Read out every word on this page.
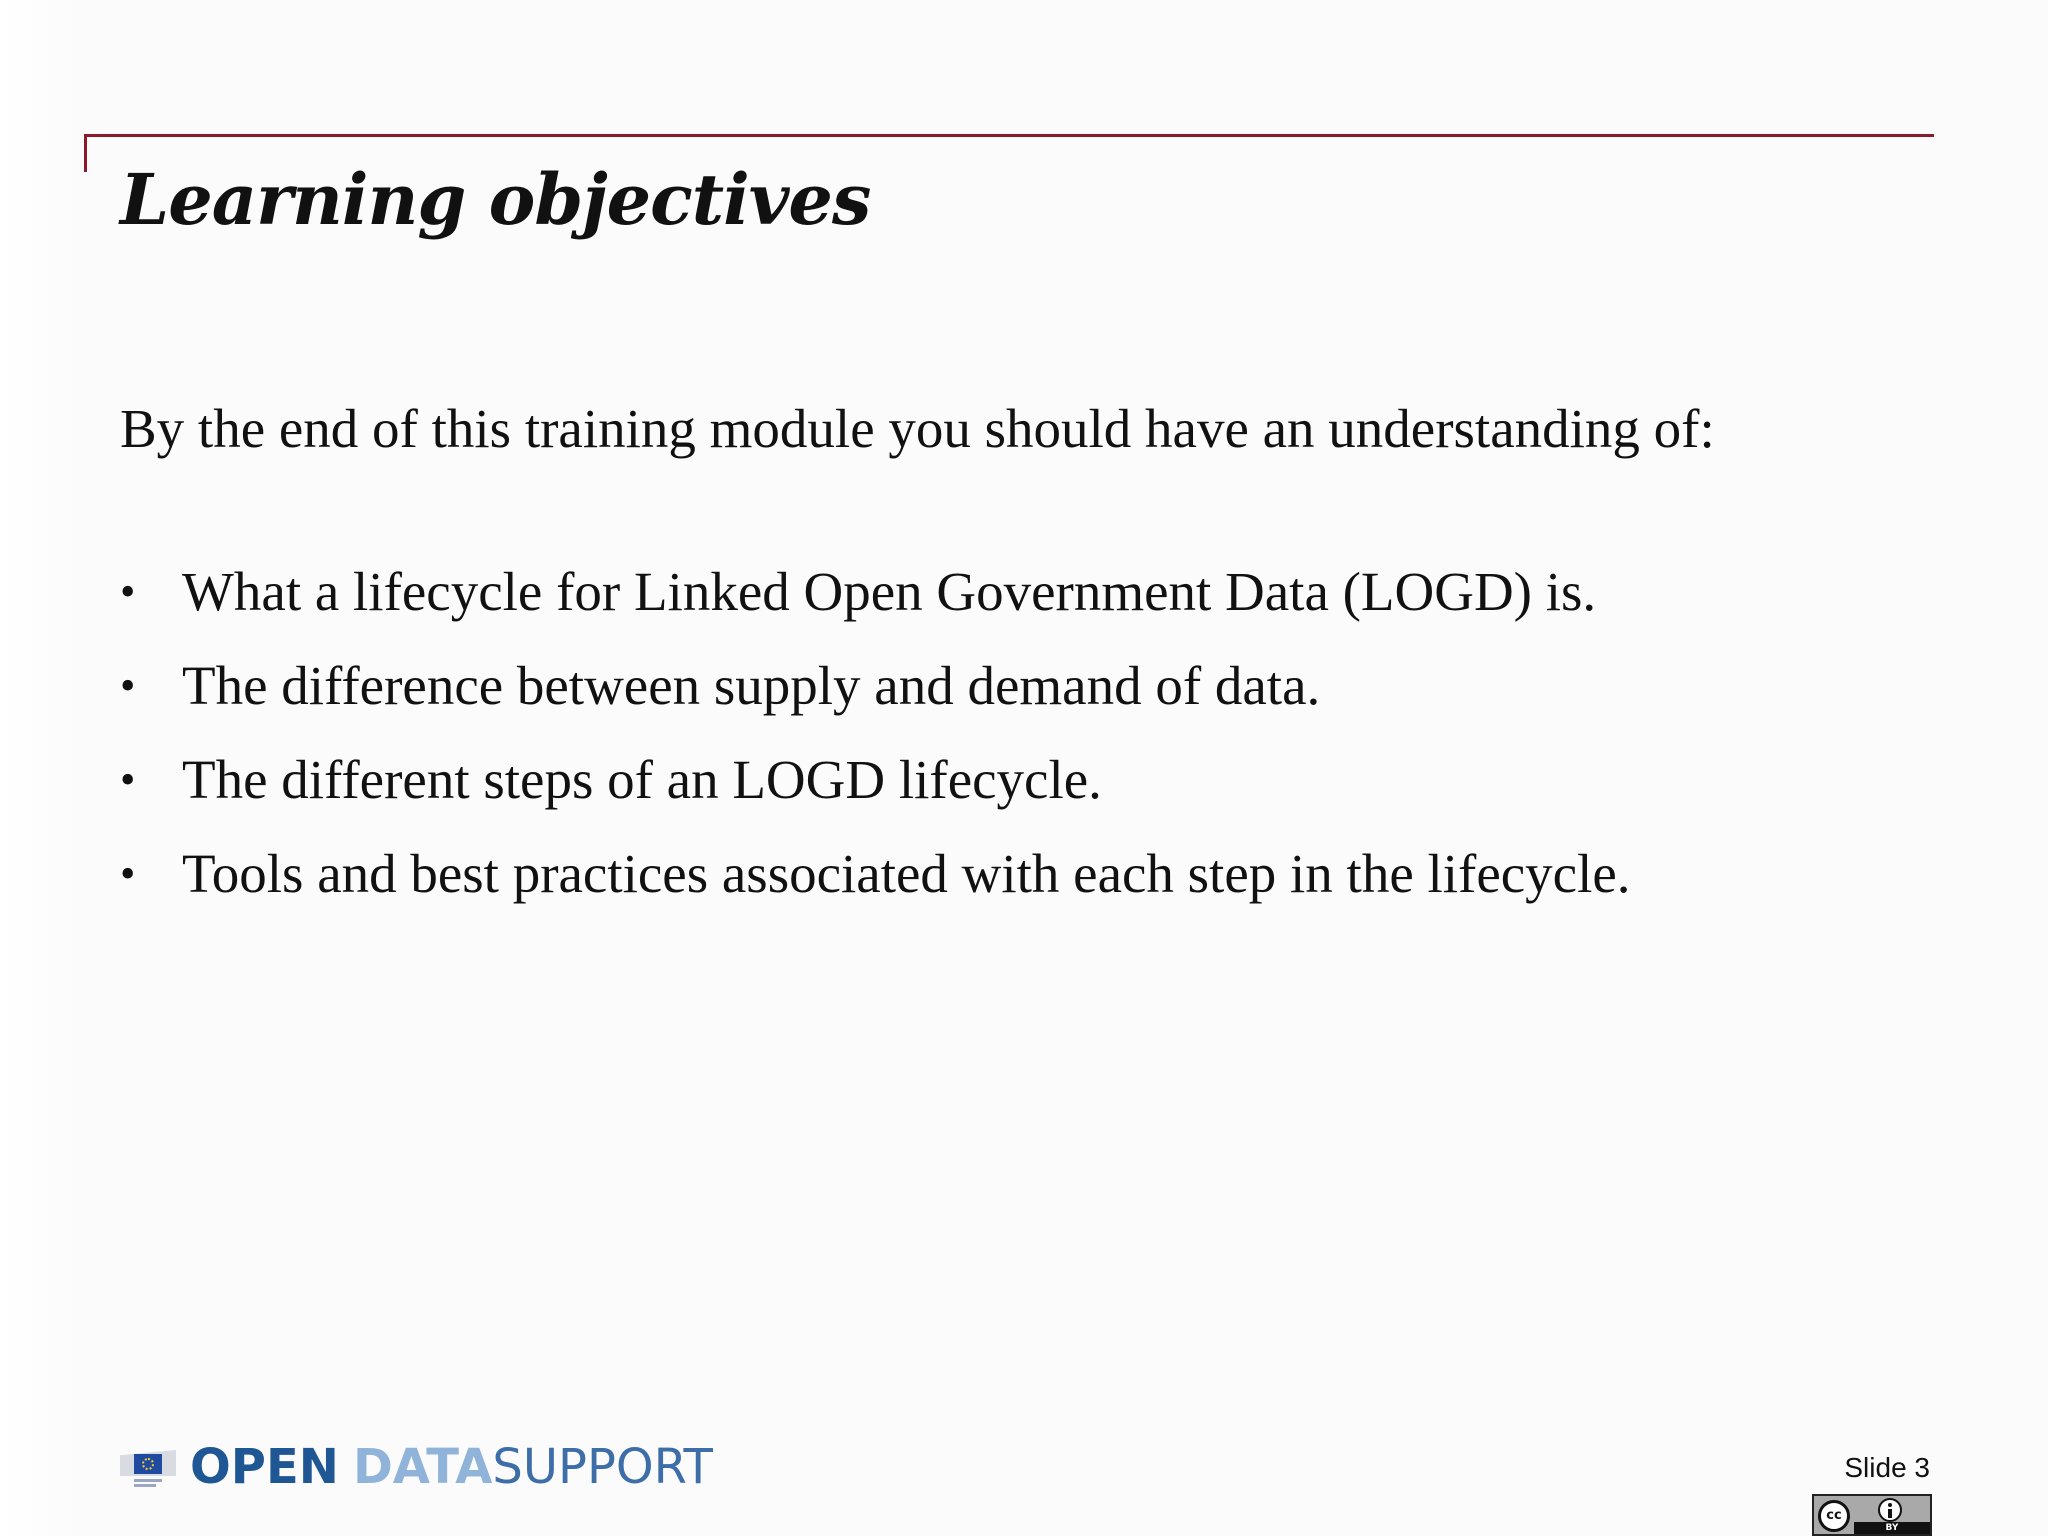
Learning objectives

By the end of this training module you should have an understanding of:

• What a lifecycle for Linked Open Government Data (LOGD) is.
• The difference between supply and demand of data.
• The different steps of an LOGD lifecycle.
• Tools and best practices associated with each step in the lifecycle.
OPEN DATASUPPORT	Slide 3
cc
BY
